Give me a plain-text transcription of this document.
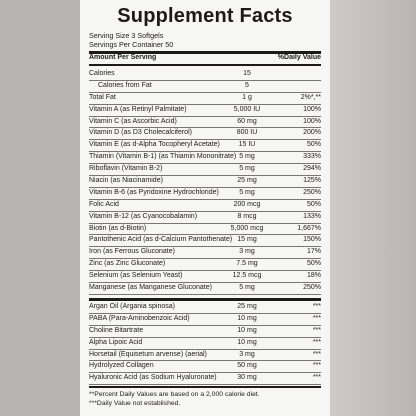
Supplement Facts
Serving Size 3 Softgels
Servings Per Container 50
Amount Per Serving	%Daily Value
Calories	15
Calories from Fat	5
Total Fat	1 g	2%*,**
Vitamin A (as Retinyl Palmitate)	5,000 IU	100%
Vitamin C (as Ascorbic Acid)	60 mg	100%
Vitamin D (as D3 Cholecalciferol)	800 IU	200%
Vitamin E (as d-Alpha Tocopheryl Acetate)	15 IU	50%
Thiamin (Vitamin B-1) (as Thiamin Mononitrate) 5 mg	333%
Riboflavin (Vitamin B-2)	5 mg	294%
Niacin (as Niacinamide)	25 mg	125%
Vitamin B-6 (as Pyridoxine Hydrochloride)	5 mg	250%
Folic Acid	200 mcg	50%
Vitamin B-12 (as Cyanocobalamin)	8 mcg	133%
Biotin (as d-Biotin)	5,000 mcg	1,667%
Pantothenic Acid (as d-Calcium Pantothenate) 15 mg	150%
Iron (as Ferrous Gluconate)	3 mg	17%
Zinc (as Zinc Gluconate)	7.5 mg	50%
Selenium (as Selenium Yeast)	12.5 mcg	18%
Manganese (as Manganese Gluconate)	5 mg	250%
Argan Oil (Argania spinosa)	25 mg	***
PABA (Para-Aminobenzoic Acid)	10 mg	***
Choline Bitartrate	10 mg	***
Alpha Lipoic Acid	10 mg	***
Horsetail (Equisetum arvense) (aerial)	3 mg	***
Hydrolyzed Collagen	50 mg	***
Hyaluronic Acid (as Sodium Hyaluronate)	30 mg	***
**Percent Daily Values are based on a 2,000 calorie diet.
***Daily Value not established.
